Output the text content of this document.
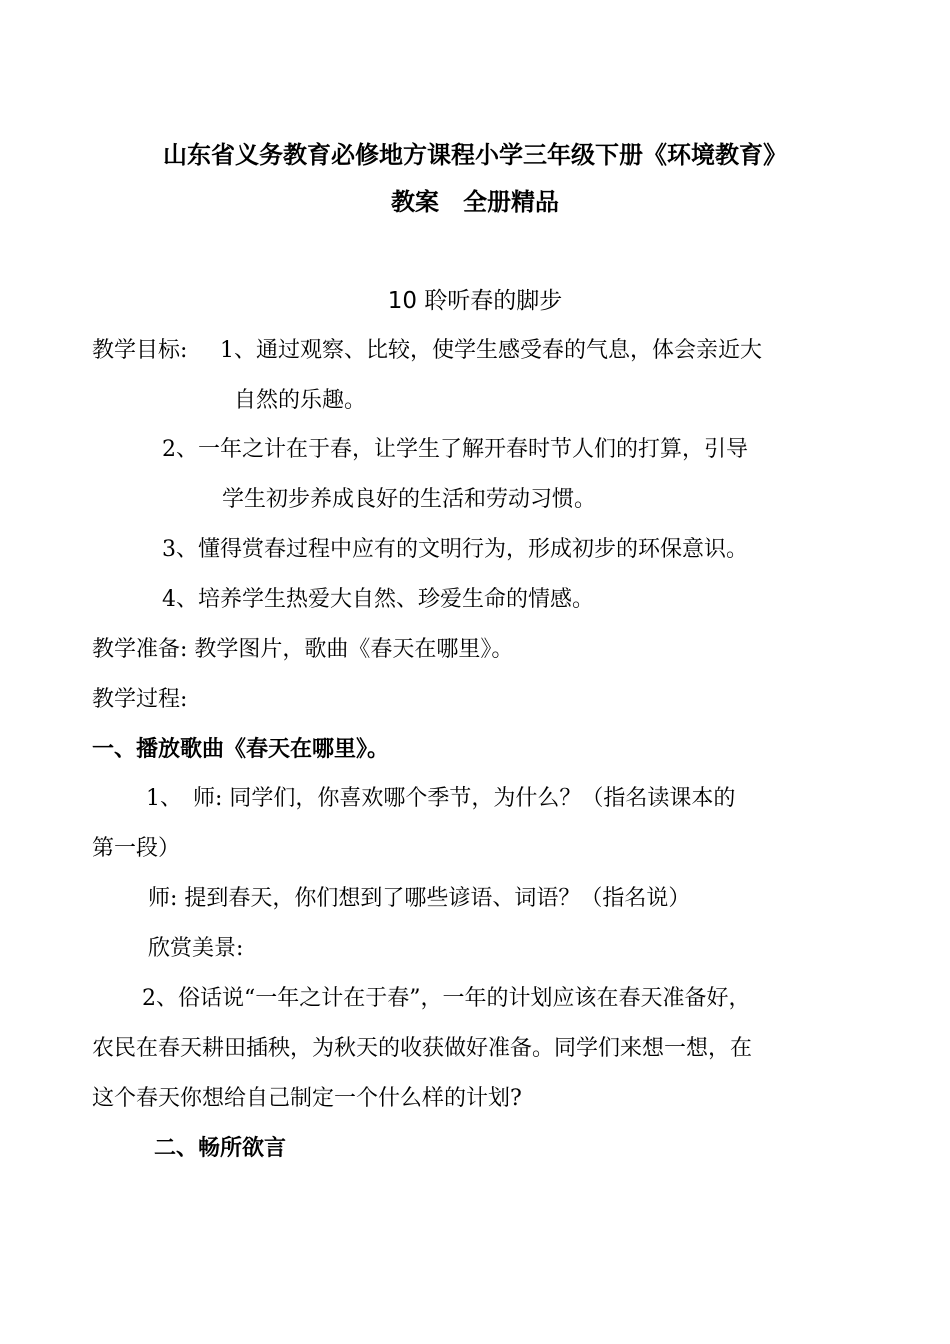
山东省义务教育必修地方课程小学三年级下册《环境教育》
教案　全册精品
10 聆听春的脚步
教学目标: 1、通过观察、比较，使学生感受春的气息，体会亲近大
自然的乐趣。
2、一年之计在于春，让学生了解开春时节人们的打算，引导
学生初步养成良好的生活和劳动习惯。
3、懂得赏春过程中应有的文明行为，形成初步的环保意识。
4、培养学生热爱大自然、珍爱生命的情感。
教学准备: 教学图片，歌曲《春天在哪里》。
教学过程:
一、播放歌曲《春天在哪里》。
1、　师: 同学们，你喜欢哪个季节，为什么？（指名读课本的
第一段）
师: 提到春天，你们想到了哪些谚语、词语？（指名说）
欣赏美景:
2、俗话说“一年之计在于春”，一年的计划应该在春天准备好，
农民在春天耕田插秧，为秋天的收获做好准备。同学们来想一想，在
这个春天你想给自己制定一个什么样的计划?
二、畅所欲言
